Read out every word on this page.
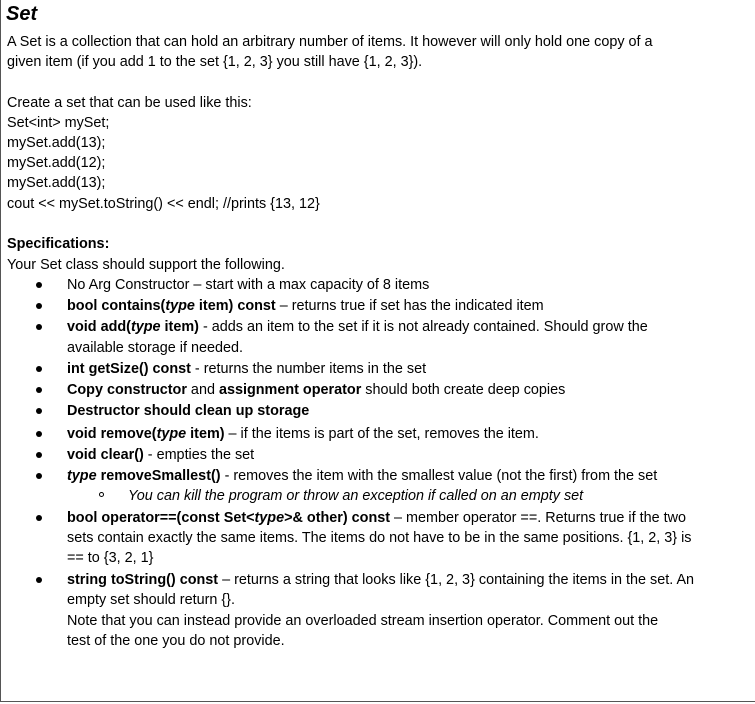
Set
A Set is a collection that can hold an arbitrary number of items. It however will only hold one copy of a
given item (if you add 1 to the set {1, 2, 3} you still have {1, 2, 3}).
Create a set that can be used like this:
Set<int> mySet;
mySet.add(13);
mySet.add(12);
mySet.add(13);
cout << mySet.toString() << endl; //prints {13, 12}
Specifications:
Your Set class should support the following.
No Arg Constructor – start with a max capacity of 8 items
bool contains(type item) const – returns true if set has the indicated item
void add(type item) - adds an item to the set if it is not already contained. Should grow the
available storage if needed.
int getSize() const - returns the number items in the set
Copy constructor and assignment operator should both create deep copies
Destructor should clean up storage
void remove(type item) – if the items is part of the set, removes the item.
void clear() - empties the set
type removeSmallest() - removes the item with the smallest value (not the first) from the set
You can kill the program or throw an exception if called on an empty set
bool operator==(const Set<type>& other) const – member operator ==. Returns true if the two
sets contain exactly the same items. The items do not have to be in the same positions. {1, 2, 3} is
== to {3, 2, 1}
string toString() const – returns a string that looks like {1, 2, 3} containing the items in the set. An
empty set should return {}.
Note that you can instead provide an overloaded stream insertion operator. Comment out the
test of the one you do not provide.
